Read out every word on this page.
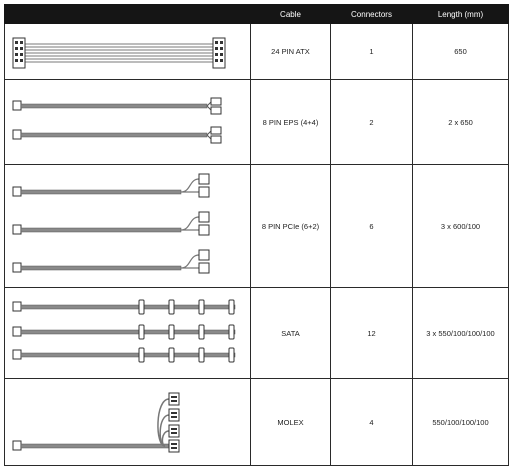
	Cable	Connectors	Length (mm)

	24 PIN ATX	1	650

	8 PIN EPS (4+4)	2	2 x 650

	8 PIN PCIe (6+2)	6	3 x 600/100

	SATA	12	3 x 550/100/100/100

	MOLEX	4	550/100/100/100
